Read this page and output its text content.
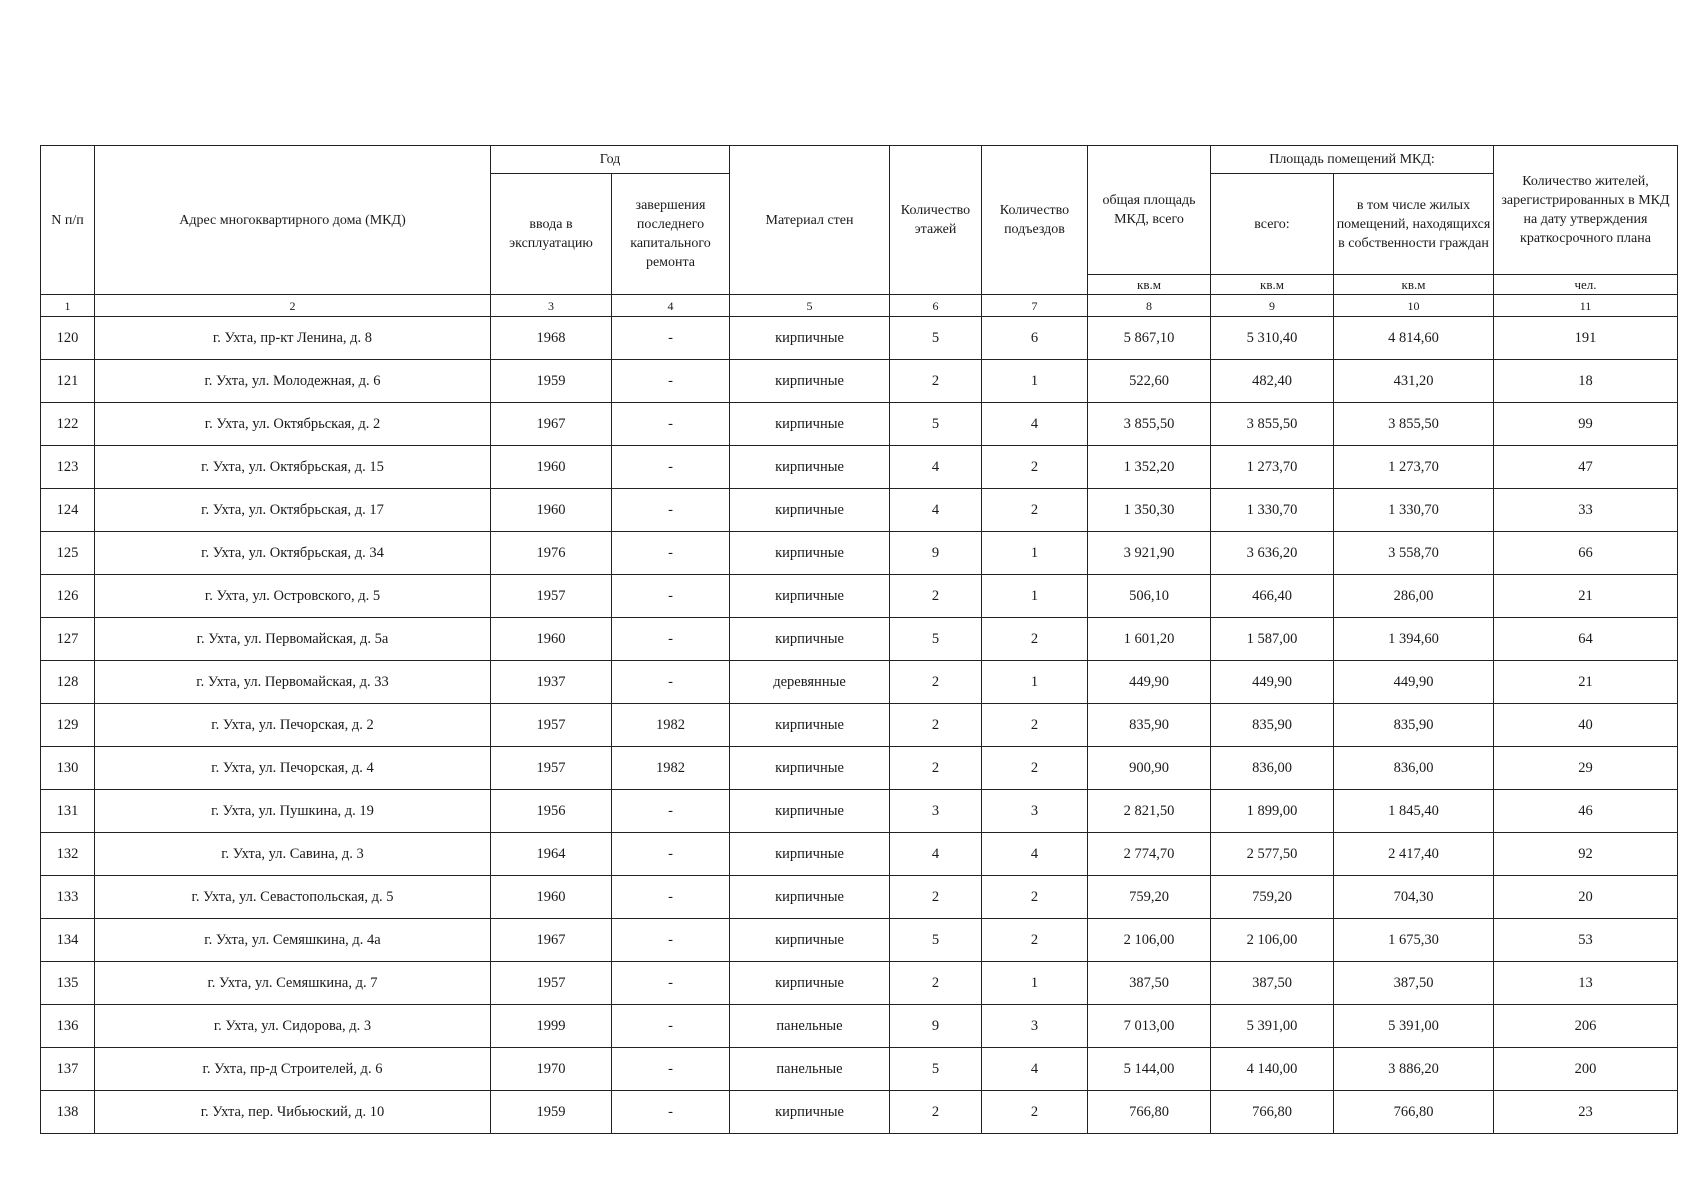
N п/п	Адрес многоквартирного дома (МКД)	Год		Материал стен	Количество этажей	Количество подъездов	общая площадь МКД, всего	Площадь помещений МКД:		Количество жителей, зарегистрированных в МКД на дату утверждения краткосрочного плана
		ввода в эксплуатацию	завершения последнего капитального ремонта					всего:	в том числе жилых помещений, находящихся в собственности граждан	
							кв.м	кв.м	кв.м	чел.
1	2	3	4	5	6	7	8	9	10	11
120	г. Ухта, пр-кт Ленина, д. 8	1968	-	кирпичные	5	6	5 867,10	5 310,40	4 814,60	191
121	г. Ухта, ул. Молодежная, д. 6	1959	-	кирпичные	2	1	522,60	482,40	431,20	18
122	г. Ухта, ул. Октябрьская, д. 2	1967	-	кирпичные	5	4	3 855,50	3 855,50	3 855,50	99
123	г. Ухта, ул. Октябрьская, д. 15	1960	-	кирпичные	4	2	1 352,20	1 273,70	1 273,70	47
124	г. Ухта, ул. Октябрьская, д. 17	1960	-	кирпичные	4	2	1 350,30	1 330,70	1 330,70	33
125	г. Ухта, ул. Октябрьская, д. 34	1976	-	кирпичные	9	1	3 921,90	3 636,20	3 558,70	66
126	г. Ухта, ул. Островского, д. 5	1957	-	кирпичные	2	1	506,10	466,40	286,00	21
127	г. Ухта, ул. Первомайская, д. 5а	1960	-	кирпичные	5	2	1 601,20	1 587,00	1 394,60	64
128	г. Ухта, ул. Первомайская, д. 33	1937	-	деревянные	2	1	449,90	449,90	449,90	21
129	г. Ухта, ул. Печорская, д. 2	1957	1982	кирпичные	2	2	835,90	835,90	835,90	40
130	г. Ухта, ул. Печорская, д. 4	1957	1982	кирпичные	2	2	900,90	836,00	836,00	29
131	г. Ухта, ул. Пушкина, д. 19	1956	-	кирпичные	3	3	2 821,50	1 899,00	1 845,40	46
132	г. Ухта, ул. Савина, д. 3	1964	-	кирпичные	4	4	2 774,70	2 577,50	2 417,40	92
133	г. Ухта, ул. Севастопольская, д. 5	1960	-	кирпичные	2	2	759,20	759,20	704,30	20
134	г. Ухта, ул. Семяшкина, д. 4а	1967	-	кирпичные	5	2	2 106,00	2 106,00	1 675,30	53
135	г. Ухта, ул. Семяшкина, д. 7	1957	-	кирпичные	2	1	387,50	387,50	387,50	13
136	г. Ухта, ул. Сидорова, д. 3	1999	-	панельные	9	3	7 013,00	5 391,00	5 391,00	206
137	г. Ухта, пр-д Строителей, д. 6	1970	-	панельные	5	4	5 144,00	4 140,00	3 886,20	200
138	г. Ухта, пер. Чибьюский, д. 10	1959	-	кирпичные	2	2	766,80	766,80	766,80	23
